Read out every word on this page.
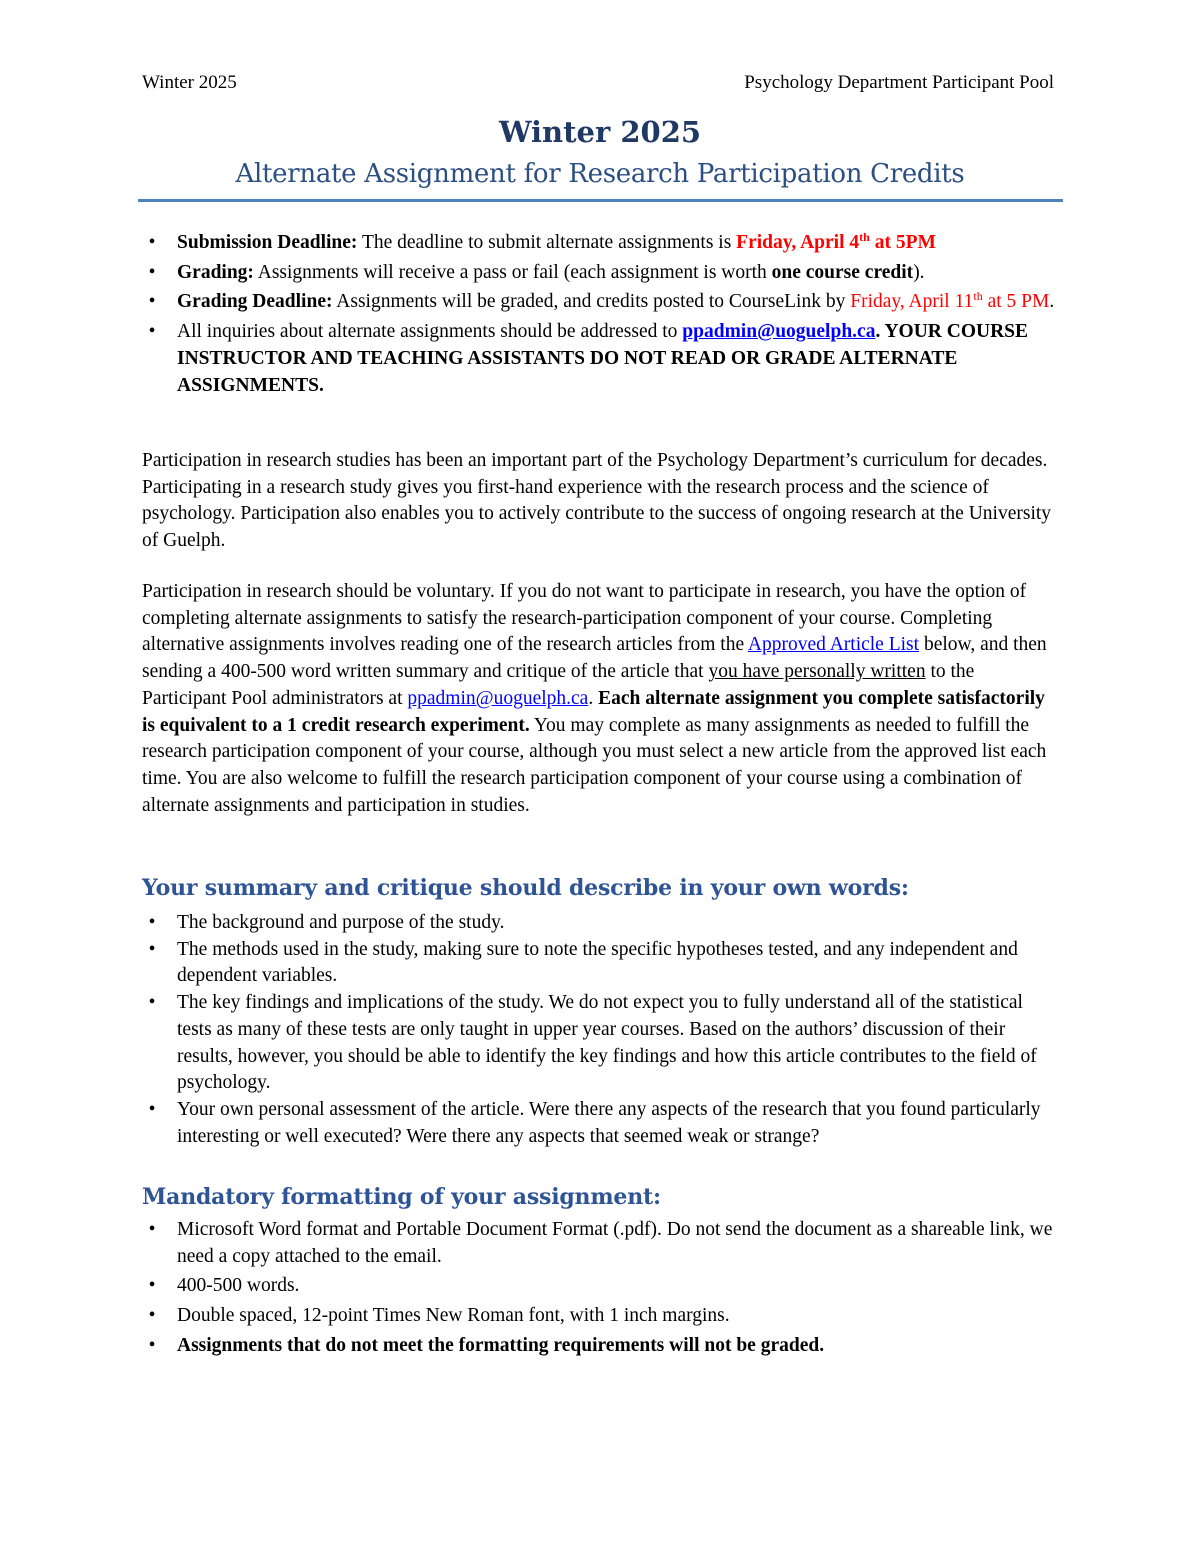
Winter 2025	Psychology Department Participant Pool
Winter 2025
Alternate Assignment for Research Participation Credits
•	Submission Deadline: The deadline to submit alternate assignments is Friday, April 4th at 5PM
•	Grading: Assignments will receive a pass or fail (each assignment is worth one course credit).
•	Grading Deadline: Assignments will be graded, and credits posted to CourseLink by Friday, April 11th at 5 PM.
•	All inquiries about alternate assignments should be addressed to ppadmin@uoguelph.ca. YOUR COURSE INSTRUCTOR AND TEACHING ASSISTANTS DO NOT READ OR GRADE ALTERNATE ASSIGNMENTS.

Participation in research studies has been an important part of the Psychology Department’s curriculum for decades. Participating in a research study gives you first-hand experience with the research process and the science of psychology. Participation also enables you to actively contribute to the success of ongoing research at the University of Guelph.

Participation in research should be voluntary. If you do not want to participate in research, you have the option of completing alternate assignments to satisfy the research-participation component of your course. Completing alternative assignments involves reading one of the research articles from the Approved Article List below, and then sending a 400-500 word written summary and critique of the article that you have personally written to the Participant Pool administrators at ppadmin@uoguelph.ca. Each alternate assignment you complete satisfactorily is equivalent to a 1 credit research experiment. You may complete as many assignments as needed to fulfill the research participation component of your course, although you must select a new article from the approved list each time. You are also welcome to fulfill the research participation component of your course using a combination of alternate assignments and participation in studies.

Your summary and critique should describe in your own words:
•	The background and purpose of the study.
•	The methods used in the study, making sure to note the specific hypotheses tested, and any independent and dependent variables.
•	The key findings and implications of the study. We do not expect you to fully understand all of the statistical tests as many of these tests are only taught in upper year courses. Based on the authors’ discussion of their results, however, you should be able to identify the key findings and how this article contributes to the field of psychology.
•	Your own personal assessment of the article. Were there any aspects of the research that you found particularly interesting or well executed? Were there any aspects that seemed weak or strange?
Mandatory formatting of your assignment:
•	Microsoft Word format and Portable Document Format (.pdf). Do not send the document as a shareable link, we need a copy attached to the email.
•	400-500 words.
•	Double spaced, 12-point Times New Roman font, with 1 inch margins.
•	Assignments that do not meet the formatting requirements will not be graded.
